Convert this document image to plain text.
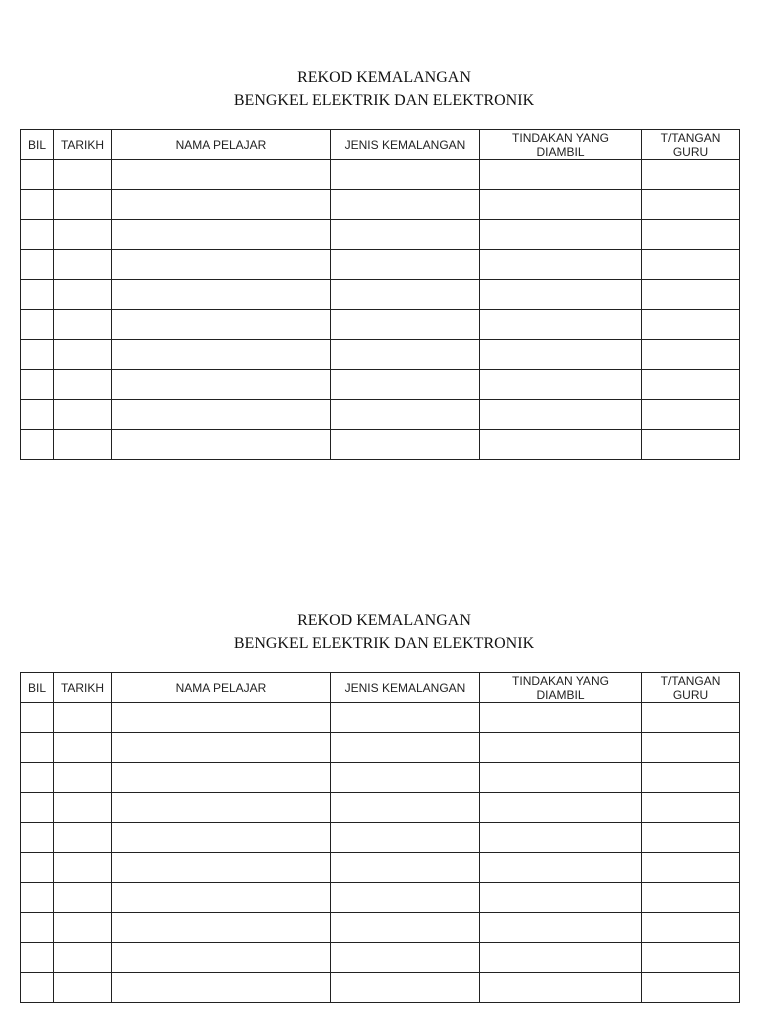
REKOD KEMALANGAN
BENGKEL ELEKTRIK DAN ELEKTRONIK
BIL	TARIKH	NAMA PELAJAR	JENIS KEMALANGAN	TINDAKAN YANG DIAMBIL	T/TANGAN GURU

REKOD KEMALANGAN
BENGKEL ELEKTRIK DAN ELEKTRONIK
BIL	TARIKH	NAMA PELAJAR	JENIS KEMALANGAN	TINDAKAN YANG DIAMBIL	T/TANGAN GURU
